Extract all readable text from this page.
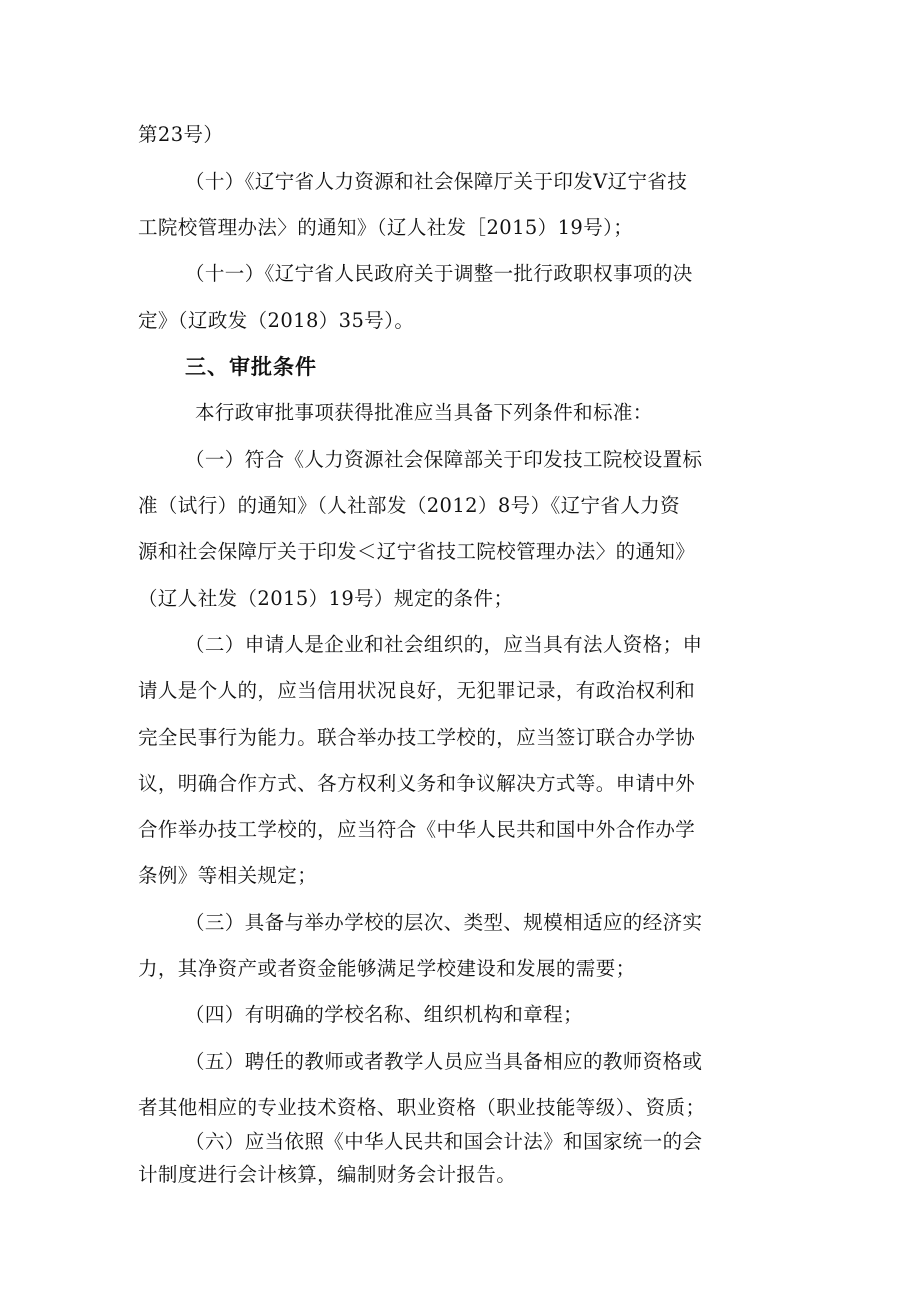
第23号）
（十）《辽宁省人力资源和社会保障厅关于印发Ⅴ辽宁省技
工院校管理办法〉的通知》（辽人社发［2015）19号）；
（十一）《辽宁省人民政府关于调整一批行政职权事项的决
定》（辽政发（2018）35号）。
三、审批条件
本行政审批事项获得批准应当具备下列条件和标准：
（一）符合《人力资源社会保障部关于印发技工院校设置标
准（试行）的通知》（人社部发（2012）8号）《辽宁省人力资
源和社会保障厅关于印发＜辽宁省技工院校管理办法〉的通知》
（辽人社发（2015）19号）规定的条件；
（二）申请人是企业和社会组织的，应当具有法人资格；申
请人是个人的，应当信用状况良好，无犯罪记录，有政治权利和
完全民事行为能力。联合举办技工学校的，应当签订联合办学协
议，明确合作方式、各方权利义务和争议解决方式等。申请中外
合作举办技工学校的，应当符合《中华人民共和国中外合作办学
条例》等相关规定；
（三）具备与举办学校的层次、类型、规模相适应的经济实
力，其净资产或者资金能够满足学校建设和发展的需要；
（四）有明确的学校名称、组织机构和章程；
（五）聘任的教师或者教学人员应当具备相应的教师资格或
者其他相应的专业技术资格、职业资格（职业技能等级）、资质；
（六）应当依照《中华人民共和国会计法》和国家统一的会
计制度进行会计核算，编制财务会计报告。
